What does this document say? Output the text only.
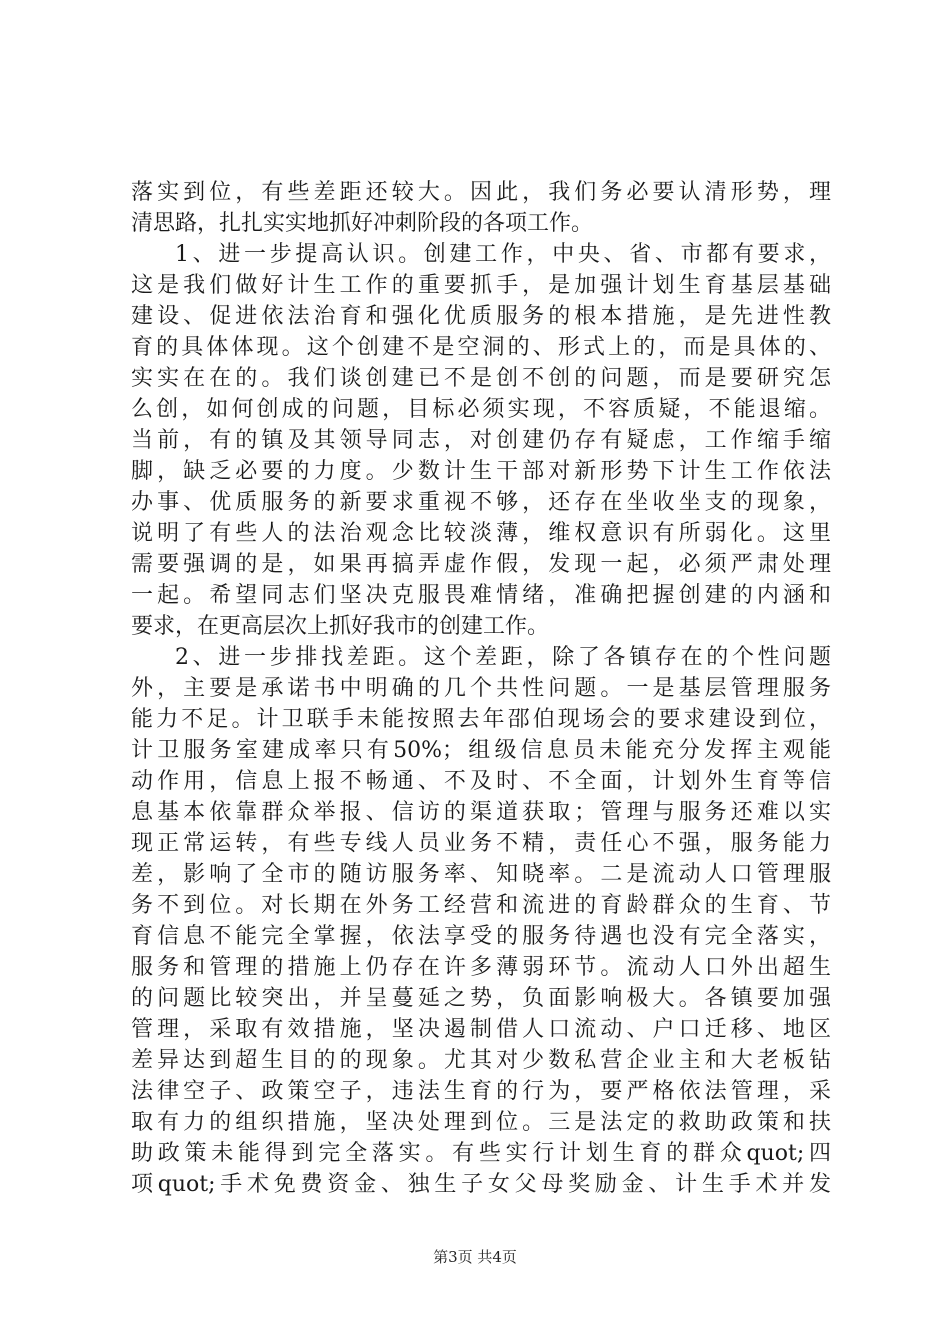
落实到位，有些差距还较大。因此，我们务必要认清形势，理
清思路，扎扎实实地抓好冲刺阶段的各项工作。
1、进一步提高认识。创建工作，中央、省、市都有要求，
这是我们做好计生工作的重要抓手，是加强计划生育基层基础
建设、促进依法治育和强化优质服务的根本措施，是先进性教
育的具体体现。这个创建不是空洞的、形式上的，而是具体的、
实实在在的。我们谈创建已不是创不创的问题，而是要研究怎
么创，如何创成的问题，目标必须实现，不容质疑，不能退缩。
当前，有的镇及其领导同志，对创建仍存有疑虑，工作缩手缩
脚，缺乏必要的力度。少数计生干部对新形势下计生工作依法
办事、优质服务的新要求重视不够，还存在坐收坐支的现象，
说明了有些人的法治观念比较淡薄，维权意识有所弱化。这里
需要强调的是，如果再搞弄虚作假，发现一起，必须严肃处理
一起。希望同志们坚决克服畏难情绪，准确把握创建的内涵和
要求，在更高层次上抓好我市的创建工作。
2、进一步排找差距。这个差距，除了各镇存在的个性问题
外，主要是承诺书中明确的几个共性问题。一是基层管理服务
能力不足。计卫联手未能按照去年邵伯现场会的要求建设到位，
计卫服务室建成率只有50%；组级信息员未能充分发挥主观能
动作用，信息上报不畅通、不及时、不全面，计划外生育等信
息基本依靠群众举报、信访的渠道获取；管理与服务还难以实
现正常运转，有些专线人员业务不精，责任心不强，服务能力
差，影响了全市的随访服务率、知晓率。二是流动人口管理服
务不到位。对长期在外务工经营和流进的育龄群众的生育、节
育信息不能完全掌握，依法享受的服务待遇也没有完全落实，
服务和管理的措施上仍存在许多薄弱环节。流动人口外出超生
的问题比较突出，并呈蔓延之势，负面影响极大。各镇要加强
管理，采取有效措施，坚决遏制借人口流动、户口迁移、地区
差异达到超生目的的现象。尤其对少数私营企业主和大老板钻
法律空子、政策空子，违法生育的行为，要严格依法管理，采
取有力的组织措施，坚决处理到位。三是法定的救助政策和扶
助政策未能得到完全落实。有些实行计划生育的群众quot;四
项quot;手术免费资金、独生子女父母奖励金、计生手术并发
第3页 共4页
